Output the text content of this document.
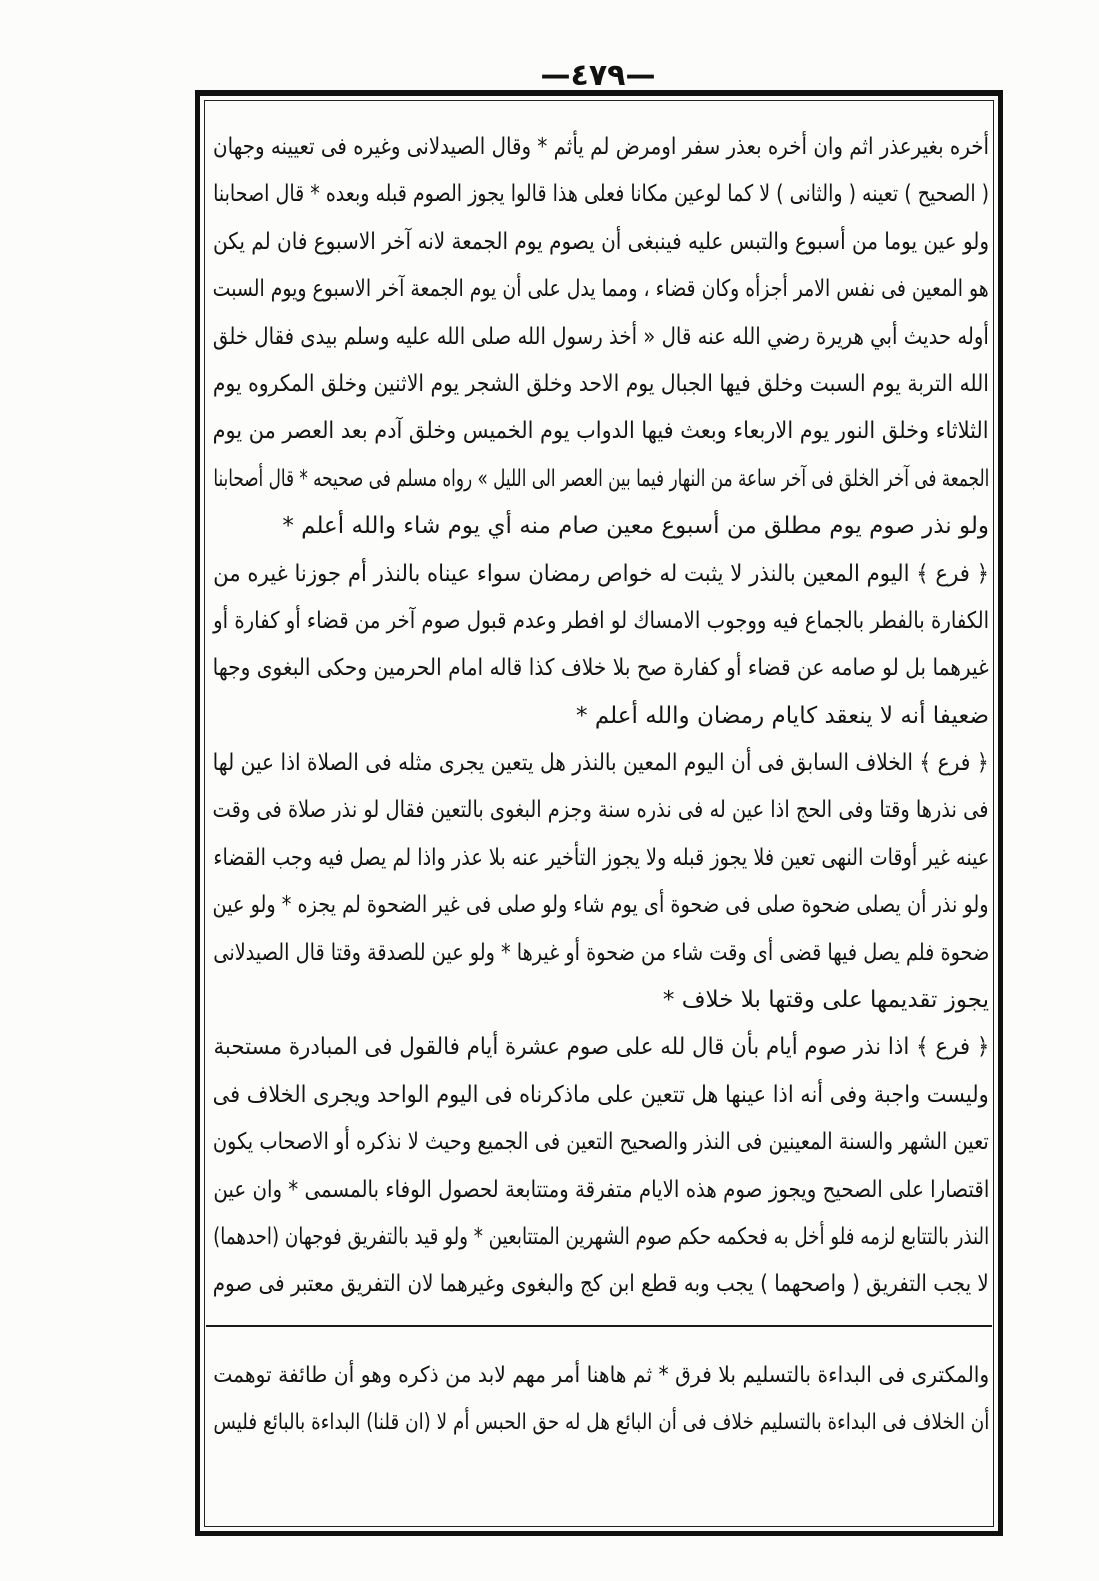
—٤٧٩—
أخره بغيرعذر اثم وان أخره بعذر سفر اومرض لم يأثم * وقال الصيدلانى وغيره فى تعيينه وجهان
( الصحيح ) تعينه ( والثانى ) لا كما لوعين مكانا فعلى هذا قالوا يجوز الصوم قبله وبعده * قال اصحابنا
ولو عين يوما من أسبوع والتبس عليه فينبغى أن يصوم يوم الجمعة لانه آخر الاسبوع فان لم يكن
هو المعين فى نفس الامر أجزأه وكان قضاء ، ومما يدل على أن يوم الجمعة آخر الاسبوع ويوم السبت
أوله حديث أبي هريرة رضي الله عنه قال « أخذ رسول الله صلى الله عليه وسلم بيدى فقال خلق
الله التربة يوم السبت وخلق فيها الجبال يوم الاحد وخلق الشجر يوم الاثنين وخلق المكروه يوم
الثلاثاء وخلق النور يوم الاربعاء وبعث فيها الدواب يوم الخميس وخلق آدم بعد العصر من يوم
الجمعة فى آخر الخلق فى آخر ساعة من النهار فيما بين العصر الى الليل » رواه مسلم فى صحيحه * قال أصحابنا
ولو نذر صوم يوم مطلق من أسبوع معين صام منه أي يوم شاء والله أعلم *
﴿ فرع ﴾ اليوم المعين بالنذر لا يثبت له خواص رمضان سواء عيناه بالنذر أم جوزنا غيره من
الكفارة بالفطر بالجماع فيه ووجوب الامساك لو افطر وعدم قبول صوم آخر من قضاء أو كفارة أو
غيرهما بل لو صامه عن قضاء أو كفارة صح بلا خلاف كذا قاله امام الحرمين وحكى البغوى وجها
ضعيفا أنه لا ينعقد كايام رمضان والله أعلم *
﴿ فرع ﴾ الخلاف السابق فى أن اليوم المعين بالنذر هل يتعين يجرى مثله فى الصلاة اذا عين لها
فى نذرها وقتا وفى الحج اذا عين له فى نذره سنة وجزم البغوى بالتعين فقال لو نذر صلاة فى وقت
عينه غير أوقات النهى تعين فلا يجوز قبله ولا يجوز التأخير عنه بلا عذر واذا لم يصل فيه وجب القضاء
ولو نذر أن يصلى ضحوة صلى فى ضحوة أى يوم شاء ولو صلى فى غير الضحوة لم يجزه * ولو عين
ضحوة فلم يصل فيها قضى أى وقت شاء من ضحوة أو غيرها * ولو عين للصدقة وقتا قال الصيدلانى
يجوز تقديمها على وقتها بلا خلاف *
﴿ فرع ﴾ اذا نذر صوم أيام بأن قال لله على صوم عشرة أيام فالقول فى المبادرة مستحبة
وليست واجبة وفى أنه اذا عينها هل تتعين على ماذكرناه فى اليوم الواحد ويجرى الخلاف فى
تعين الشهر والسنة المعينين فى النذر والصحيح التعين فى الجميع وحيث لا نذكره أو الاصحاب يكون
اقتصارا على الصحيح ويجوز صوم هذه الايام متفرقة ومتتابعة لحصول الوفاء بالمسمى * وان عين
النذر بالتتابع لزمه فلو أخل به فحكمه حكم صوم الشهرين المتتابعين * ولو قيد بالتفريق فوجهان (احدهما)
لا يجب التفريق ( واصحهما ) يجب وبه قطع ابن كج والبغوى وغيرهما لان التفريق معتبر فى صوم
والمكترى فى البداءة بالتسليم بلا فرق * ثم هاهنا أمر مهم لابد من ذكره وهو أن طائفة توهمت
أن الخلاف فى البداءة بالتسليم خلاف فى أن البائع هل له حق الحبس أم لا (ان قلنا) البداءة بالبائع فليس
